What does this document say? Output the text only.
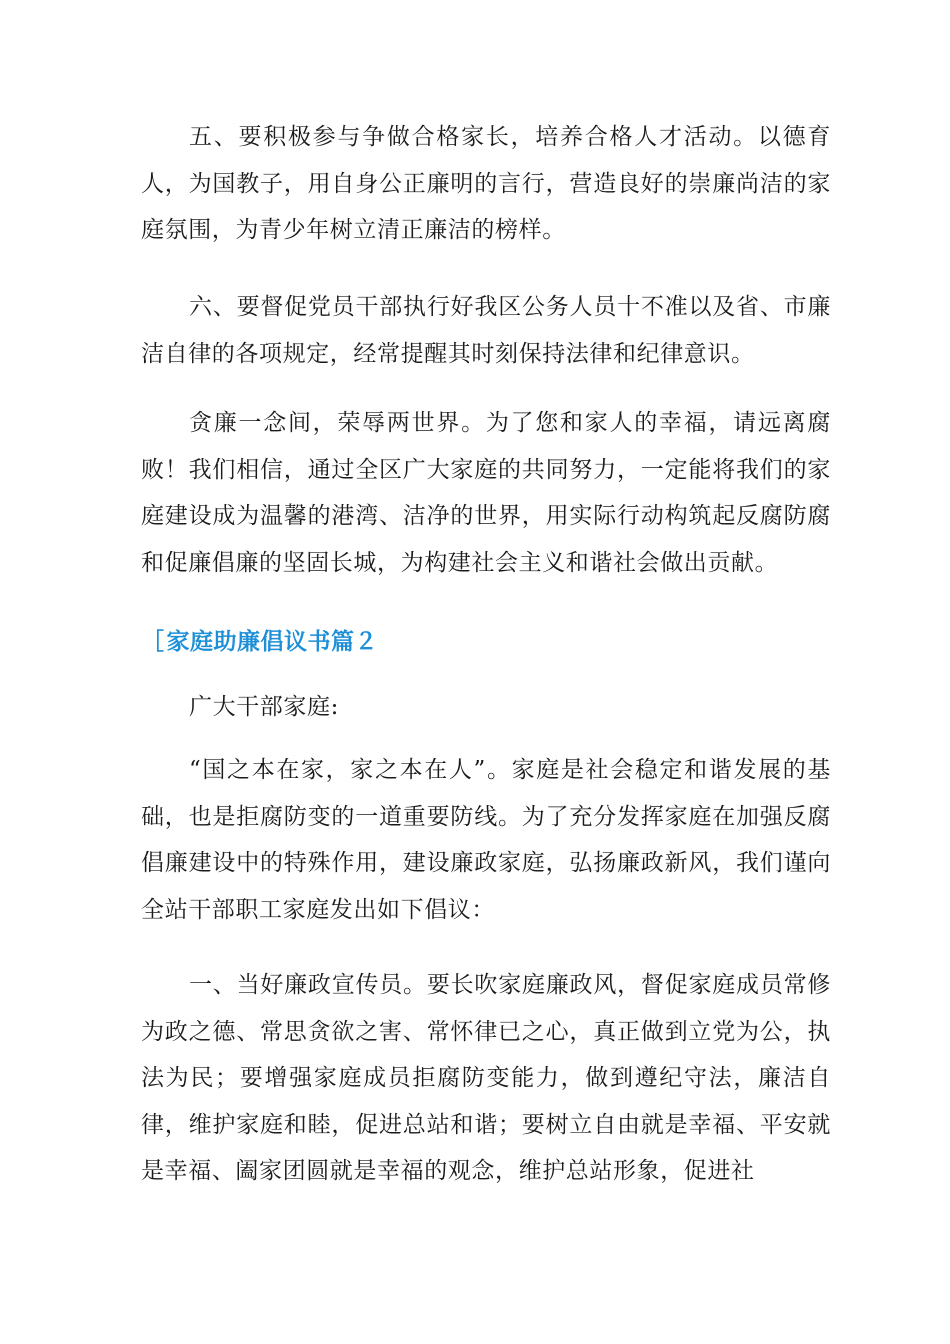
五、要积极参与争做合格家长，培养合格人才活动。以德育人，为国教子，用自身公正廉明的言行，营造良好的崇廉尚洁的家庭氛围，为青少年树立清正廉洁的榜样。

六、要督促党员干部执行好我区公务人员十不准以及省、市廉洁自律的各项规定，经常提醒其时刻保持法律和纪律意识。

贪廉一念间，荣辱两世界。为了您和家人的幸福，请远离腐败！我们相信，通过全区广大家庭的共同努力，一定能将我们的家庭建设成为温馨的港湾、洁净的世界，用实际行动构筑起反腐防腐和促廉倡廉的坚固长城，为构建社会主义和谐社会做出贡献。

［家庭助廉倡议书篇２

广大干部家庭:

“国之本在家，家之本在人”。家庭是社会稳定和谐发展的基础，也是拒腐防变的一道重要防线。为了充分发挥家庭在加强反腐倡廉建设中的特殊作用，建设廉政家庭，弘扬廉政新风，我们谨向全站干部职工家庭发出如下倡议：

一、当好廉政宣传员。要长吹家庭廉政风，督促家庭成员常修为政之德、常思贪欲之害、常怀律已之心，真正做到立党为公，执法为民；要增强家庭成员拒腐防变能力，做到遵纪守法，廉洁自律，维护家庭和睦，促进总站和谐；要树立自由就是幸福、平安就是幸福、阖家团圆就是幸福的观念，维护总站形象，促进社
